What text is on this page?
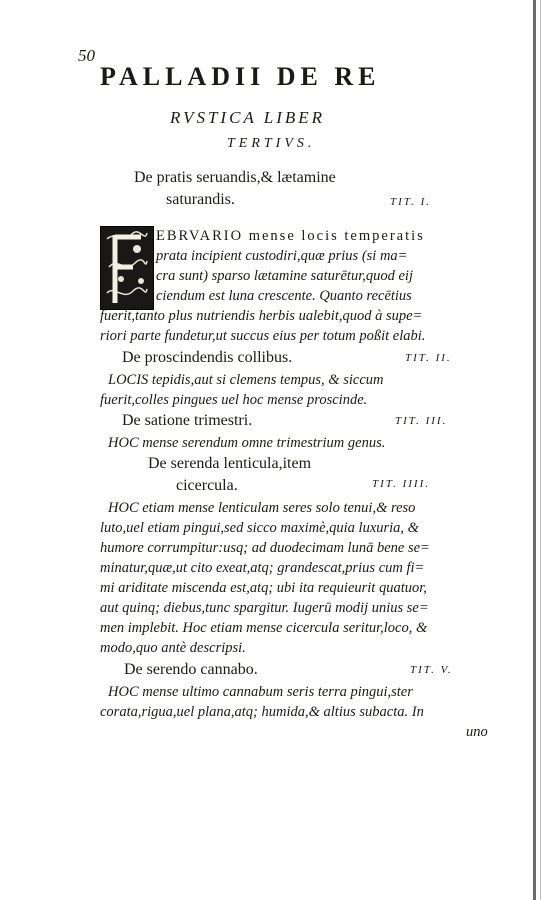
50
PALLADII DE RE
RVSTICA LIBER
TERTIVS.
De pratis seruandis,& lætamine
saturandis.	TIT. I.
EBRVARIO mense locis temperatis
prata incipient custodiri,quæ prius (si ma=
cra sunt) sparso lætamine saturētur,quod eij
ciendum est luna crescente. Quanto recētius
fuerit,tanto plus nutriendis herbis ualebit,quod à supe=
riori parte fundetur,ut succus eius per totum poßit elabi.
De proscindendis collibus.	TIT. II.
LOCIS tepidis,aut si clemens tempus, & siccum
fuerit,colles pingues uel hoc mense proscinde.
De satione trimestri.	TIT. III.
HOC mense serendum omne trimestrium genus.
De serenda lenticula,item
cicercula.	TIT. IIII.
HOC etiam mense lenticulam seres solo tenui,& reso
luto,uel etiam pingui,sed sicco maximè,quia luxuria, &
humore corrumpitur:usq; ad duodecimam lunā bene se=
minatur,quæ,ut cito exeat,atq; grandescat,prius cum fi=
mi ariditate miscenda est,atq; ubi ita requieurit quatuor,
aut quinq; diebus,tunc spargitur. Iugerū modij unius se=
men implebit. Hoc etiam mense cicercula seritur,loco, &
modo,quo antè descripsi.
De serendo cannabo.	TIT. V.
HOC mense ultimo cannabum seris terra pingui,ster
corata,rigua,uel plana,atq; humida,& altius subacta. In
uno
